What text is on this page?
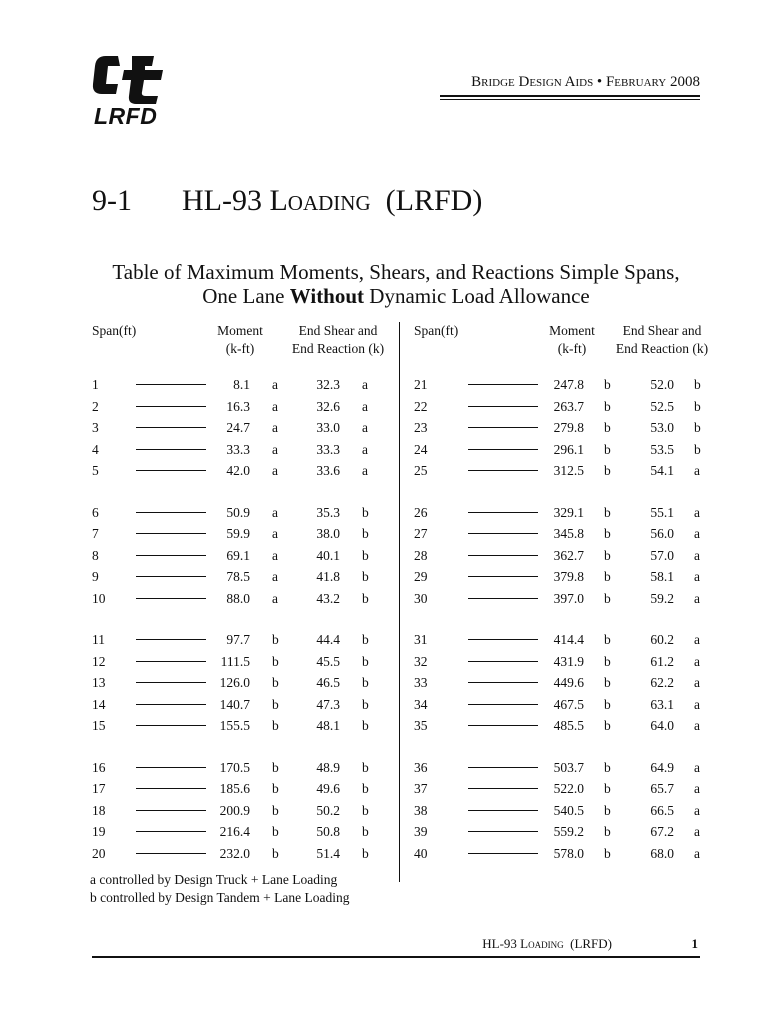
LRFD
Bridge Design Aids • February 2008
9-1 HL-93 Loading (LRFD)
Table of Maximum Moments, Shears, and Reactions Simple Spans,
One Lane Without Dynamic Load Allowance
Span(ft)	Moment
(k-ft)
End Shear and
End Reaction (k)
1	8.1 a	32.3 a
2	16.3 a	32.6 a
3	24.7 a	33.0 a
4	33.3 a	33.3 a
5	42.0 a	33.6 a
6	50.9 a	35.3 b
7	59.9 a	38.0 b
8	69.1 a	40.1 b
9	78.5 a	41.8 b
10	88.0 a	43.2 b
11	97.7 b	44.4 b
12	111.5 b	45.5 b
13	126.0 b	46.5 b
14	140.7 b	47.3 b
15	155.5 b	48.1 b
16	170.5 b	48.9 b
17	185.6 b	49.6 b
18	200.9 b	50.2 b
19	216.4 b	50.8 b
20	232.0 b	51.4 b
Span(ft)	Moment
(k-ft)
End Shear and
End Reaction (k)
21	247.8 b	52.0 b
22	263.7 b	52.5 b
23	279.8 b	53.0 b
24	296.1 b	53.5 b
25	312.5 b	54.1 a
26	329.1 b	55.1 a
27	345.8 b	56.0 a
28	362.7 b	57.0 a
29	379.8 b	58.1 a
30	397.0 b	59.2 a
31	414.4 b	60.2 a
32	431.9 b	61.2 a
33	449.6 b	62.2 a
34	467.5 b	63.1 a
35	485.5 b	64.0 a
36	503.7 b	64.9 a
37	522.0 b	65.7 a
38	540.5 b	66.5 a
39	559.2 b	67.2 a
40	578.0 b	68.0 a
a controlled by Design Truck + Lane Loading
b controlled by Design Tandem + Lane Loading
HL-93 Loading (LRFD)	1
